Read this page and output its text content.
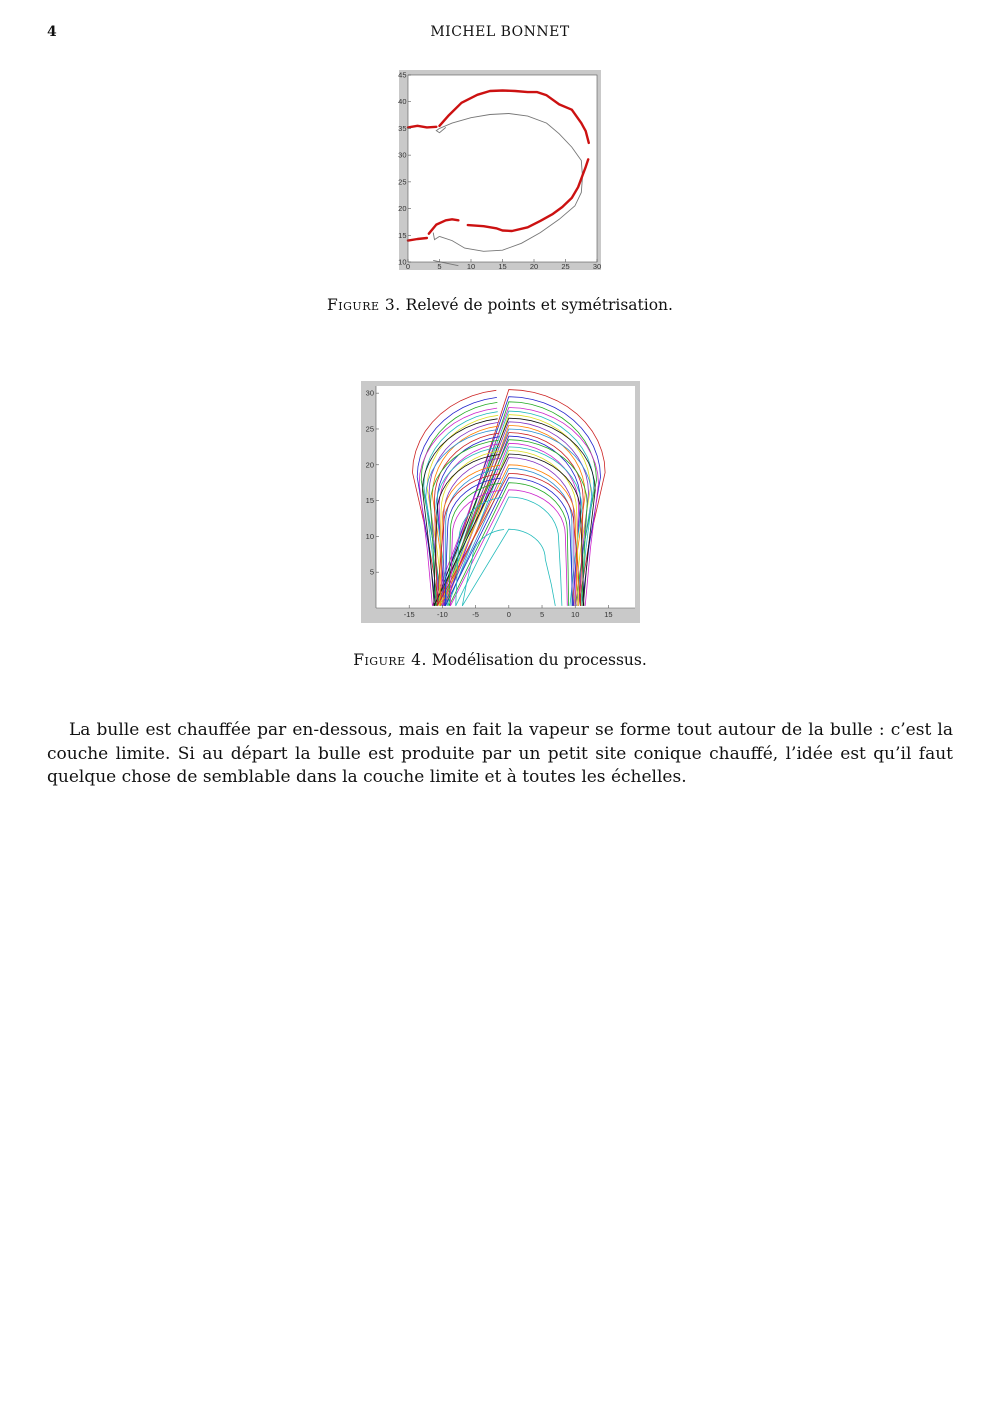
4	MICHEL BONNET
0	5	10	15	20	25	30
10
15
20
25
30
35
40
45
Figure 3. Relevé de points et symétrisation.
-15	-10	-5	0	5	10	15
5
10
15
20
25
30
Figure 4. Modélisation du processus.

La bulle est chauffée par en-dessous, mais en fait la vapeur se forme tout autour de la bulle : c’est la couche limite. Si au départ la bulle est produite par un petit site conique chauffé, l’idée est qu’il faut quelque chose de semblable dans la couche limite et à toutes les échelles.
